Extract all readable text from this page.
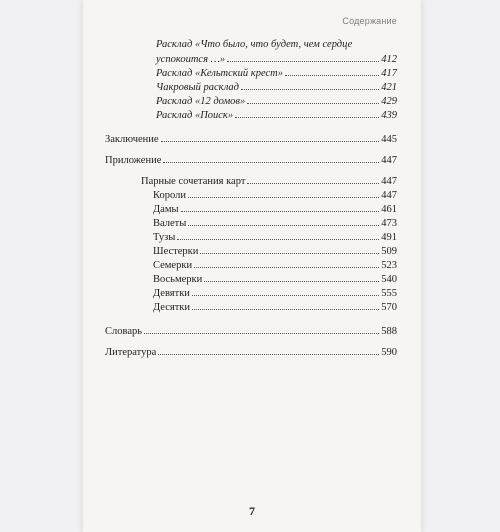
Содержание
Расклад «Что было, что будет, чем сердце
успокоится …»	412
Расклад «Кельтский крест»	417
Чакровый расклад	421
Расклад «12 домов»	429
Расклад «Поиск»	439
Заключение	445
Приложение	447
Парные сочетания карт	447
Короли	447
Дамы	461
Валеты	473
Тузы	491
Шестерки	509
Семерки	523
Восьмерки	540
Девятки	555
Десятки	570
Словарь	588
Литература	590
7
